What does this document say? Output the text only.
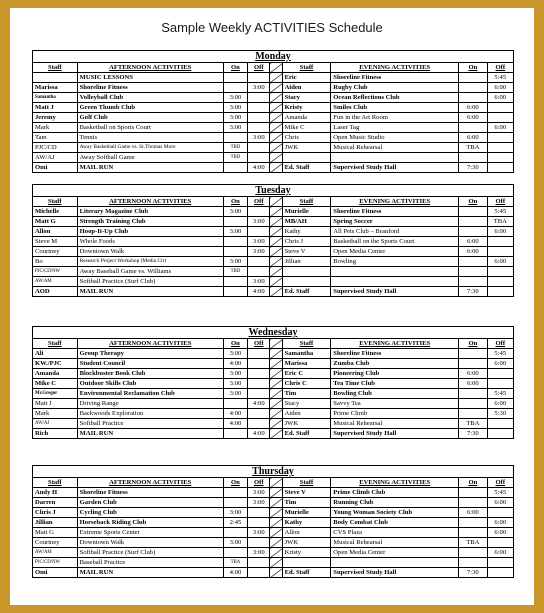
Sample Weekly ACTIVITIES Schedule
Monday
Staff	AFTERNOON ACTIVITIES	On	Off		Staff	EVENING ACTIVITIES	On	Off
	MUSIC LESSONS				Eric	Shoreline Fitness		5:45
Marissa	Shoreline Fitness		3:00		Aiden	Rugby Club		6:00
Samantha	Volleyball Club	3:00			Stacy	Ocean Reflections Club		6:00
Matt J	Green Thumb Club	3:00			Kristy	Smiles Club	6:00	
Jeremy	Golf Club	3:00			Amanda	Fun in the Art Room	6:00	
Mark	Basketball on Sports Court	3:00			Mike C	Laser Tag		6:00
Tam	Tennis		3:00		Chris	Open Music Studio	6:00	
PJC/CD	Away Basketball Game vs. St.Thomas More	TBD			JWK	Musical Rehearsal	TBA	
AW/AJ	Away Softball Game	TBD						
Omi	MAIL RUN		4:00		Ed. Staff	Supervised Study Hall	7:30	
Tuesday
Staff	AFTERNOON ACTIVITIES	On	Off		Staff	EVENING ACTIVITIES	On	Off
Michelle	Literary Magazine Club	3:00			Murielle	Shoreline Fitness		5:45
Matt G	Strength Training Club		3:00		MB/AH	Spring Soccer		TBA
Allon	Hoop-It-Up Club	3:00			Kathy	All Pets Club – Branford		6:00
Steve M	Whole Foods		3:00		Chris J	Basketball on the Sports Court	6:00	
Courtney	Downtown Walk		3:00		Steve V	Open Media Center	6:00	
Bo	Research Project Workshop (Media Ctr)	3:00			Jillian	Bowling		6:00
PJC/CD/NW	Away Baseball Game vs. Williams	TBD						
AW/AM	Softball Practice (Surf Club)		3:00					
AOD	MAIL RUN		4:00		Ed. Staff	Supervised Study Hall	7:30	
Wednesday
Staff	AFTERNOON ACTIVITIES	On	Off		Staff	EVENING ACTIVITIES	On	Off
Ali	Group Therapy	3:00			Samantha	Shoreline Fitness		5:45
KW./PJC	Student Council	4:00			Marissa	Zumba Club		6:00
Amanda	Blockbuster Book Club	3:00			Eric C	Pioneering Club	6:00	
Mike C	Outdoor Skills Club	3:00			Chris C	Tea Time Club	6:00	
Mr.Gregor	Environmental Reclamation Club	3:00			Tim	Bowling Club		5:45
Matt J	Driving Range		4:00		Stacy	Savvy Tea		6:00
Mark	Backwoods Exploration	4:00			Aiden	Prime Climb		5:30
AW/AJ	Softball Practice	4:00			JWK	Musical Rehearsal	TBA	
Rich	MAIL RUN		4:00		Ed. Staff	Supervised Study Hall	7:30	
Thursday
Staff	AFTERNOON ACTIVITIES	On	Off		Staff	EVENING ACTIVITIES	On	Off
Andy H	Shoreline Fitness		3:00		Steve V	Prime Climb Club		5:45
Darren	Garden Club		3:00		Tim	Running Club		6:00
Chris J	Cycling Club	3:00			Murielle	Young Woman Society Club	6:00	
Jillian	Horseback Riding Club	2:45			Kathy	Body Combat Club		6:00
Matt G	Extreme Sports Center		3:00		Allon	CVS Plaza		6:00
Courtney	Downtown Walk	3:00			JWK	Musical Rehearsal	TBA	
AW/AM	Softball Practice (Surf Club)		3:00		Kristy	Open Media Center		6:00
PJC/CD/NW	Baseball Practice	TBA						
Omi	MAIL RUN	4:00			Ed. Staff	Supervised Study Hall	7:30	
